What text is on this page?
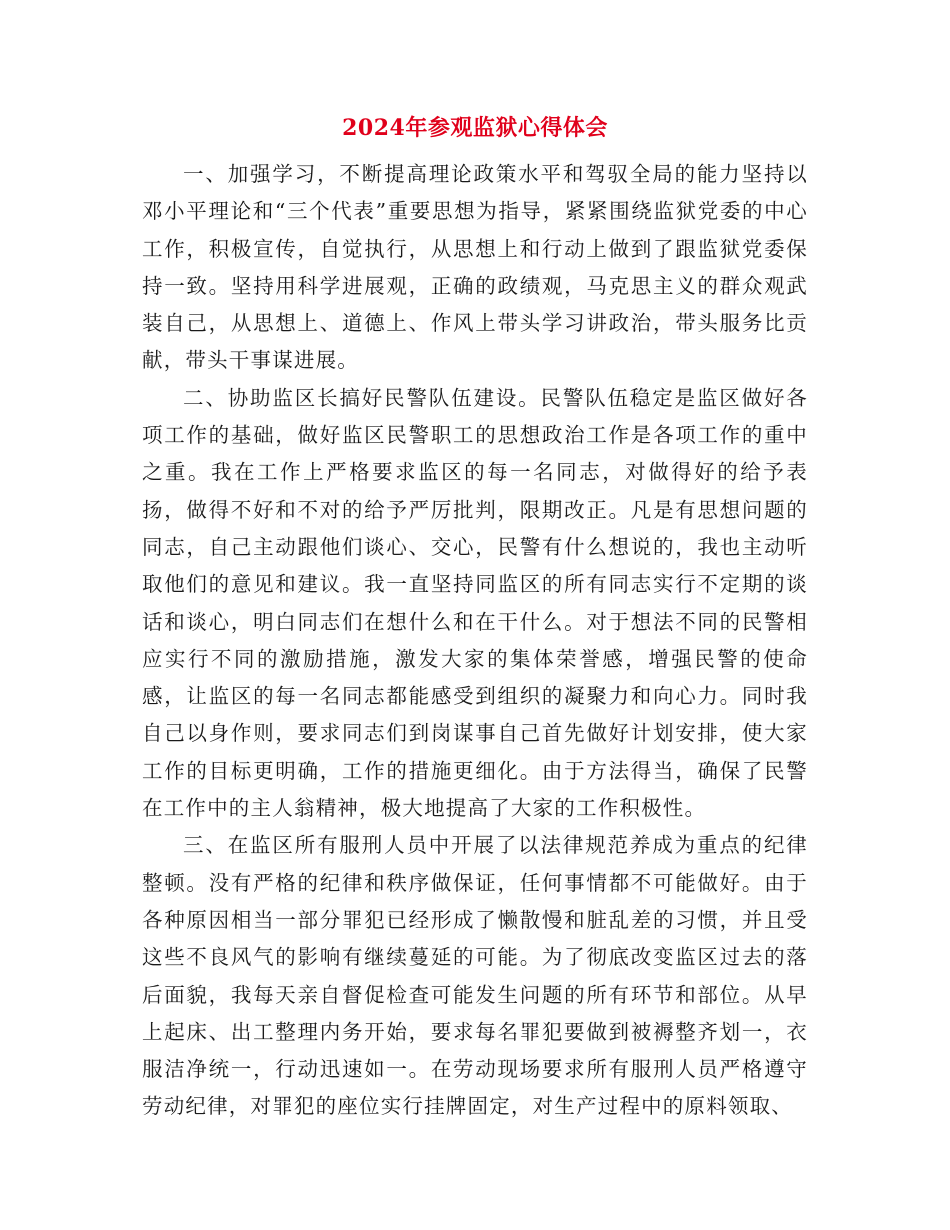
2024年参观监狱心得体会

一、加强学习，不断提高理论政策水平和驾驭全局的能力坚持以邓小平理论和“三个代表”重要思想为指导，紧紧围绕监狱党委的中心工作，积极宣传，自觉执行，从思想上和行动上做到了跟监狱党委保持一致。坚持用科学进展观，正确的政绩观，马克思主义的群众观武装自己，从思想上、道德上、作风上带头学习讲政治，带头服务比贡献，带头干事谋进展。

二、协助监区长搞好民警队伍建设。民警队伍稳定是监区做好各项工作的基础，做好监区民警职工的思想政治工作是各项工作的重中之重。我在工作上严格要求监区的每一名同志，对做得好的给予表扬，做得不好和不对的给予严厉批判，限期改正。凡是有思想问题的同志，自己主动跟他们谈心、交心，民警有什么想说的，我也主动听取他们的意见和建议。我一直坚持同监区的所有同志实行不定期的谈话和谈心，明白同志们在想什么和在干什么。对于想法不同的民警相应实行不同的激励措施，激发大家的集体荣誉感，增强民警的使命感，让监区的每一名同志都能感受到组织的凝聚力和向心力。同时我自己以身作则，要求同志们到岗谋事自己首先做好计划安排，使大家工作的目标更明确，工作的措施更细化。由于方法得当，确保了民警在工作中的主人翁精神，极大地提高了大家的工作积极性。

三、在监区所有服刑人员中开展了以法律规范养成为重点的纪律整顿。没有严格的纪律和秩序做保证，任何事情都不可能做好。由于各种原因相当一部分罪犯已经形成了懒散慢和脏乱差的习惯，并且受这些不良风气的影响有继续蔓延的可能。为了彻底改变监区过去的落后面貌，我每天亲自督促检查可能发生问题的所有环节和部位。从早上起床、出工整理内务开始，要求每名罪犯要做到被褥整齐划一，衣服洁净统一，行动迅速如一。在劳动现场要求所有服刑人员严格遵守劳动纪律，对罪犯的座位实行挂牌固定，对生产过程中的原料领取、
